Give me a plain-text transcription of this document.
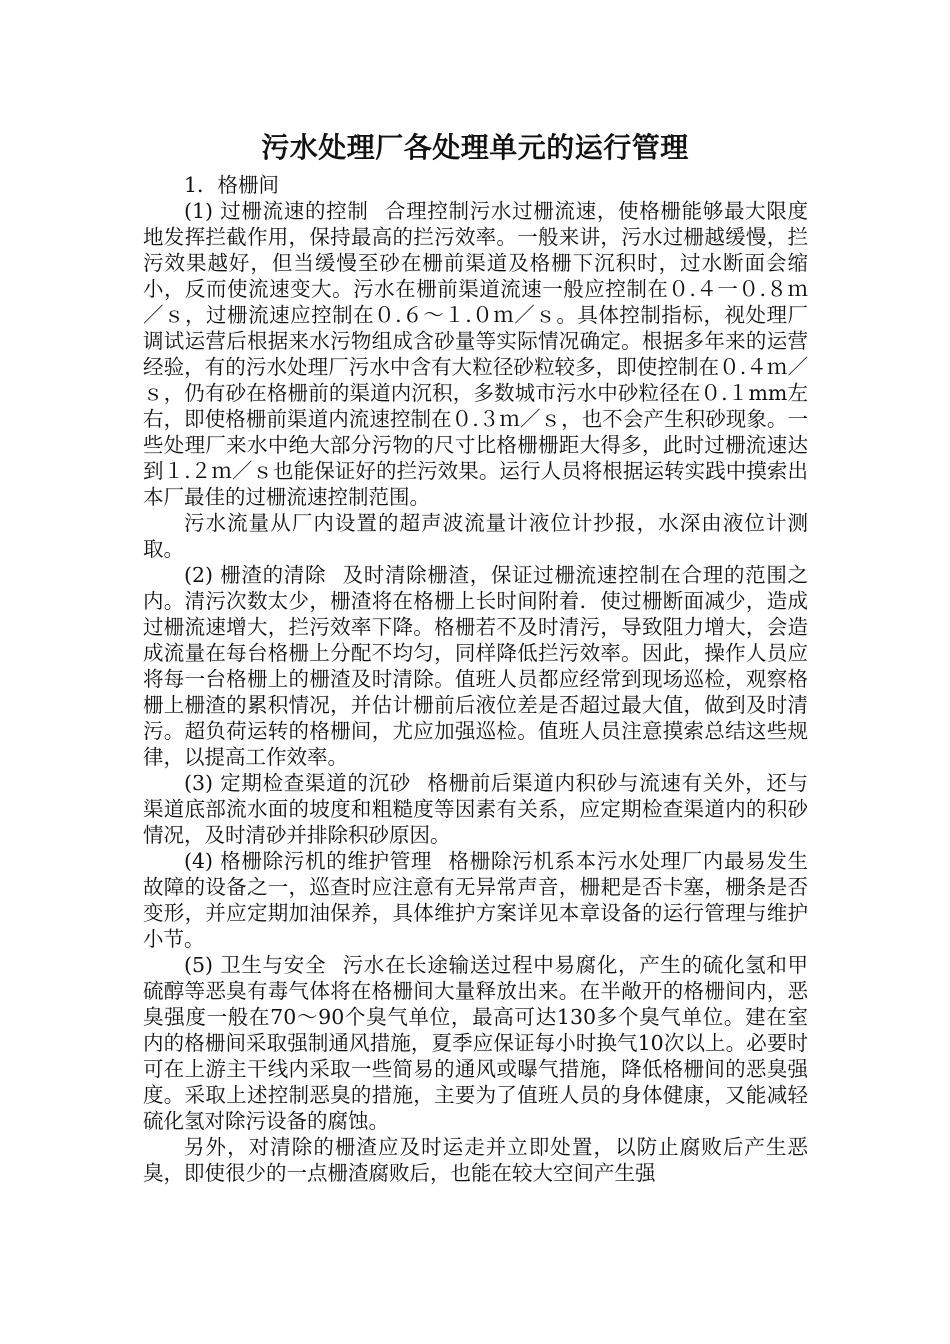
污水处理厂各处理单元的运行管理

1．格栅间

(1) 过栅流速的控制 合理控制污水过栅流速，使格栅能够最大限度地发挥拦截作用，保持最高的拦污效率。一般来讲，污水过栅越缓慢，拦污效果越好，但当缓慢至砂在栅前渠道及格栅下沉积时，过水断面会缩小，反而使流速变大。污水在栅前渠道流速一般应控制在０.４一０.８ｍ／ｓ，过栅流速应控制在０.６～１.０ｍ／ｓ。具体控制指标，视处理厂调试运营后根据来水污物组成含砂量等实际情况确定。根据多年来的运营经验，有的污水处理厂污水中含有大粒径砂粒较多，即使控制在０.４ｍ／ｓ，仍有砂在格栅前的渠道内沉积，多数城市污水中砂粒径在０.１mm左右，即使格栅前渠道内流速控制在０.３ｍ／ｓ，也不会产生积砂现象。一些处理厂来水中绝大部分污物的尺寸比格栅栅距大得多，此时过栅流速达到１.２ｍ／ｓ也能保证好的拦污效果。运行人员将根据运转实践中摸索出本厂最佳的过栅流速控制范围。

污水流量从厂内设置的超声波流量计液位计抄报，水深由液位计测取。

(2) 栅渣的清除 及时清除栅渣，保证过栅流速控制在合理的范围之内。清污次数太少，栅渣将在格栅上长时间附着．使过栅断面减少，造成过栅流速增大，拦污效率下降。格栅若不及时清污，导致阻力增大，会造成流量在每台格栅上分配不均匀，同样降低拦污效率。因此，操作人员应将每一台格栅上的栅渣及时清除。值班人员都应经常到现场巡检，观察格栅上栅渣的累积情况，并估计栅前后液位差是否超过最大值，做到及时清污。超负荷运转的格栅间，尤应加强巡检。值班人员注意摸索总结这些规律，以提高工作效率。

(3) 定期检查渠道的沉砂 格栅前后渠道内积砂与流速有关外，还与渠道底部流水面的坡度和粗糙度等因素有关系，应定期检查渠道内的积砂情况，及时清砂并排除积砂原因。

(4) 格栅除污机的维护管理 格栅除污机系本污水处理厂内最易发生故障的设备之一，巡查时应注意有无异常声音，栅耙是否卡塞，栅条是否变形，并应定期加油保养，具体维护方案详见本章设备的运行管理与维护小节。

(5) 卫生与安全 污水在长途输送过程中易腐化，产生的硫化氢和甲硫醇等恶臭有毒气体将在格栅间大量释放出来。在半敞开的格栅间内，恶臭强度一般在70～90个臭气单位，最高可达130多个臭气单位。建在室内的格栅间采取强制通风措施，夏季应保证每小时换气10次以上。必要时可在上游主干线内采取一些简易的通风或曝气措施，降低格栅间的恶臭强度。采取上述控制恶臭的措施，主要为了值班人员的身体健康，又能减轻硫化氢对除污设备的腐蚀。

另外，对清除的栅渣应及时运走并立即处置，以防止腐败后产生恶臭，即使很少的一点栅渣腐败后，也能在较大空间产生强
